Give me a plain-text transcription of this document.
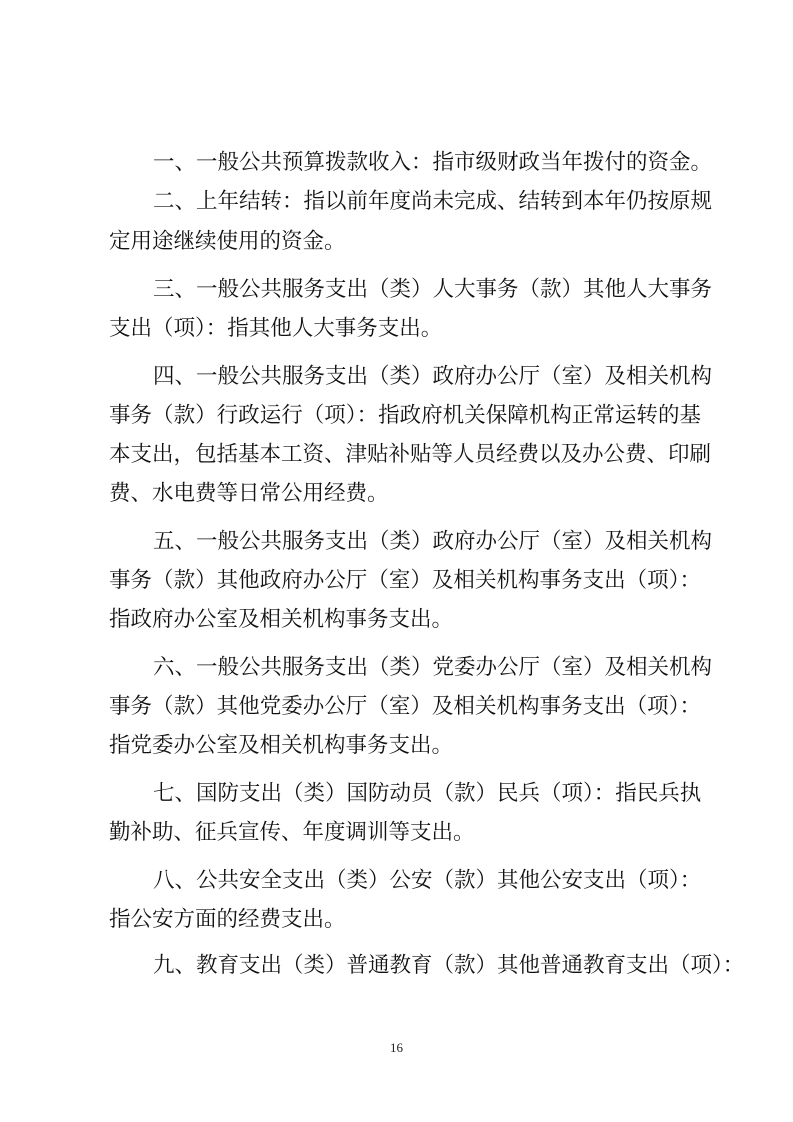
一、一般公共预算拨款收入：指市级财政当年拨付的资金。
二、上年结转：指以前年度尚未完成、结转到本年仍按原规
定用途继续使用的资金。
三、一般公共服务支出（类）人大事务（款）其他人大事务
支出（项）：指其他人大事务支出。
四、一般公共服务支出（类）政府办公厅（室）及相关机构
事务（款）行政运行（项）：指政府机关保障机构正常运转的基
本支出，包括基本工资、津贴补贴等人员经费以及办公费、印刷
费、水电费等日常公用经费。
五、一般公共服务支出（类）政府办公厅（室）及相关机构
事务（款）其他政府办公厅（室）及相关机构事务支出（项）：
指政府办公室及相关机构事务支出。
六、一般公共服务支出（类）党委办公厅（室）及相关机构
事务（款）其他党委办公厅（室）及相关机构事务支出（项）：
指党委办公室及相关机构事务支出。
七、国防支出（类）国防动员（款）民兵（项）：指民兵执
勤补助、征兵宣传、年度调训等支出。
八、公共安全支出（类）公安（款）其他公安支出（项）：
指公安方面的经费支出。
九、教育支出（类）普通教育（款）其他普通教育支出（项）：
16
